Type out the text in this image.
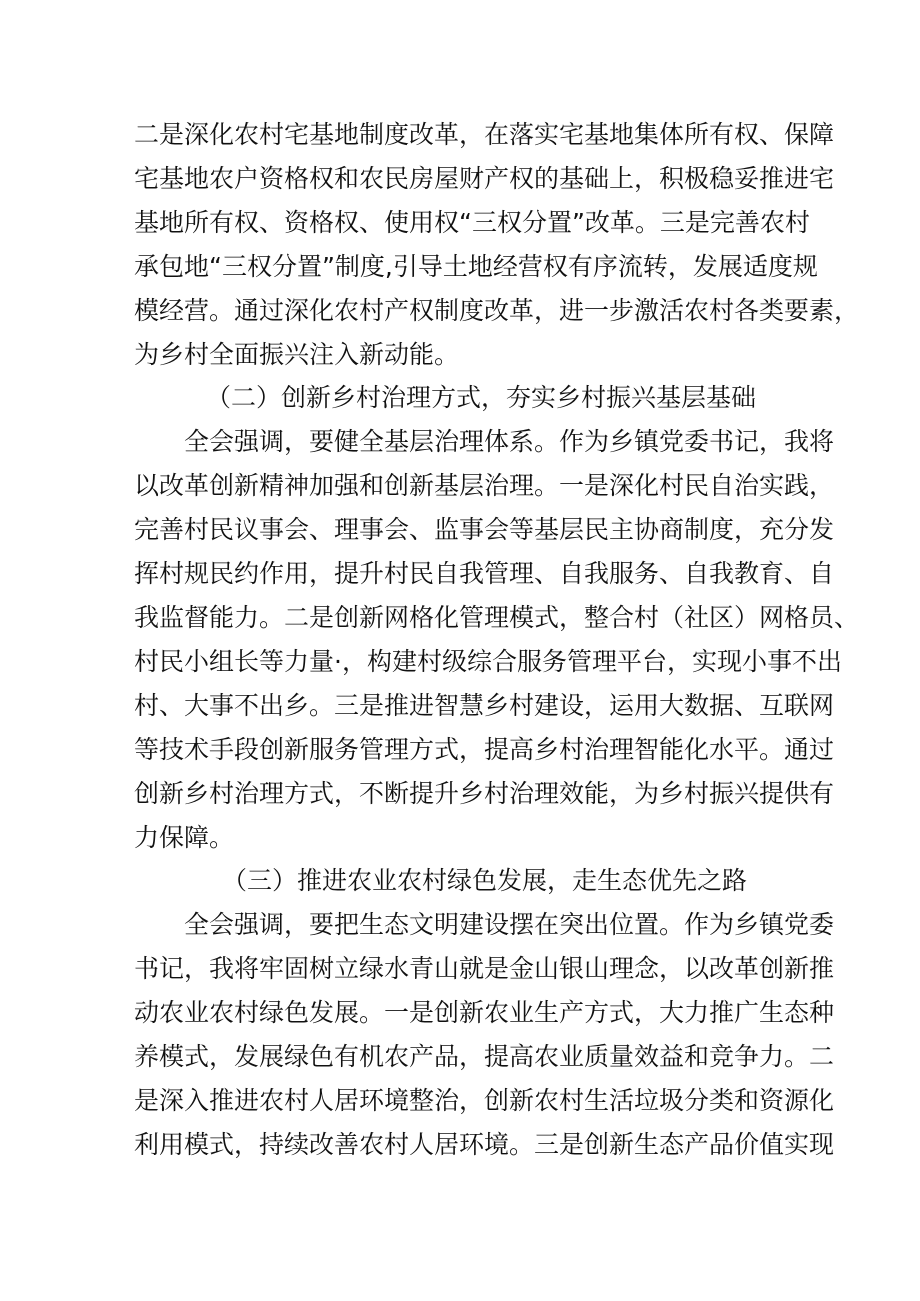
二是深化农村宅基地制度改革，在落实宅基地集体所有权、保障
宅基地农户资格权和农民房屋财产权的基础上，积极稳妥推进宅
基地所有权、资格权、使用权“三权分置”改革。三是完善农村
承包地“三权分置”制度,引导土地经营权有序流转，发展适度规
模经营。通过深化农村产权制度改革，进一步激活农村各类要素，
为乡村全面振兴注入新动能。
（二）创新乡村治理方式，夯实乡村振兴基层基础
全会强调，要健全基层治理体系。作为乡镇党委书记，我将
以改革创新精神加强和创新基层治理。一是深化村民自治实践，
完善村民议事会、理事会、监事会等基层民主协商制度，充分发
挥村规民约作用，提升村民自我管理、自我服务、自我教育、自
我监督能力。二是创新网格化管理模式，整合村（社区）网格员、
村民小组长等力量·，构建村级综合服务管理平台，实现小事不出
村、大事不出乡。三是推进智慧乡村建设，运用大数据、互联网
等技术手段创新服务管理方式，提高乡村治理智能化水平。通过
创新乡村治理方式，不断提升乡村治理效能，为乡村振兴提供有
力保障。
（三）推进农业农村绿色发展，走生态优先之路
全会强调，要把生态文明建设摆在突出位置。作为乡镇党委
书记，我将牢固树立绿水青山就是金山银山理念，以改革创新推
动农业农村绿色发展。一是创新农业生产方式，大力推广生态种
养模式，发展绿色有机农产品，提高农业质量效益和竞争力。二
是深入推进农村人居环境整治，创新农村生活垃圾分类和资源化
利用模式，持续改善农村人居环境。三是创新生态产品价值实现
